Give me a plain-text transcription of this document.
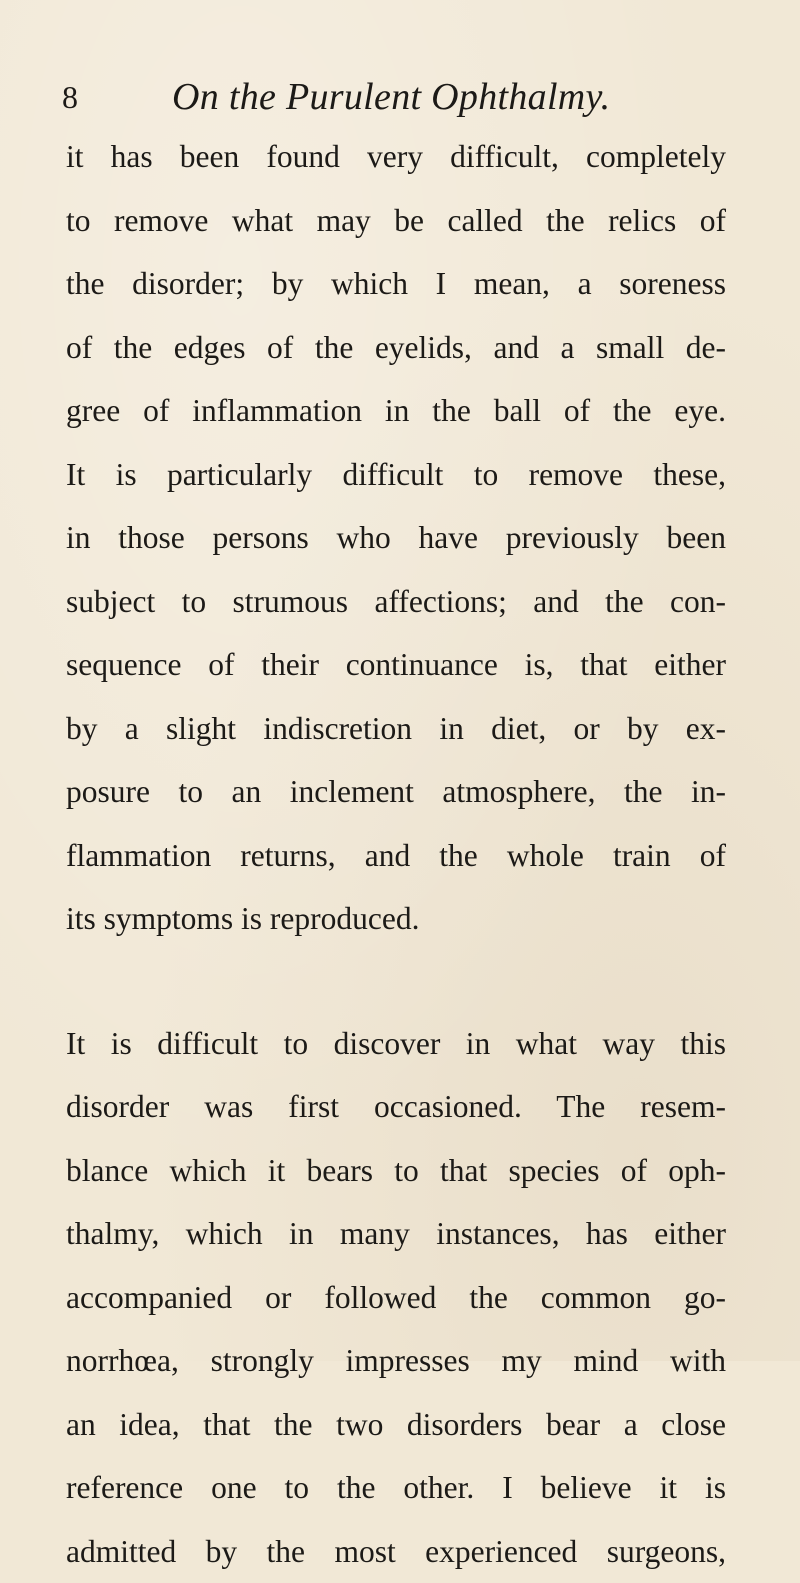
8 On the Purulent Ophthalmy.
it has been found very difficult, completely
to remove what may be called the relics of
the disorder; by which I mean, a soreness
of the edges of the eyelids, and a small de-
gree of inflammation in the ball of the eye.
It is particularly difficult to remove these,
in those persons who have previously been
subject to strumous affections; and the con-
sequence of their continuance is, that either
by a slight indiscretion in diet, or by ex-
posure to an inclement atmosphere, the in-
flammation returns, and the whole train of
its symptoms is reproduced.
It is difficult to discover in what way this
disorder was first occasioned. The resem-
blance which it bears to that species of oph-
thalmy, which in many instances, has either
accompanied or followed the common go-
norrhœa, strongly impresses my mind with
an idea, that the two disorders bear a close
reference one to the other. I believe it is
admitted by the most experienced surgeons,
